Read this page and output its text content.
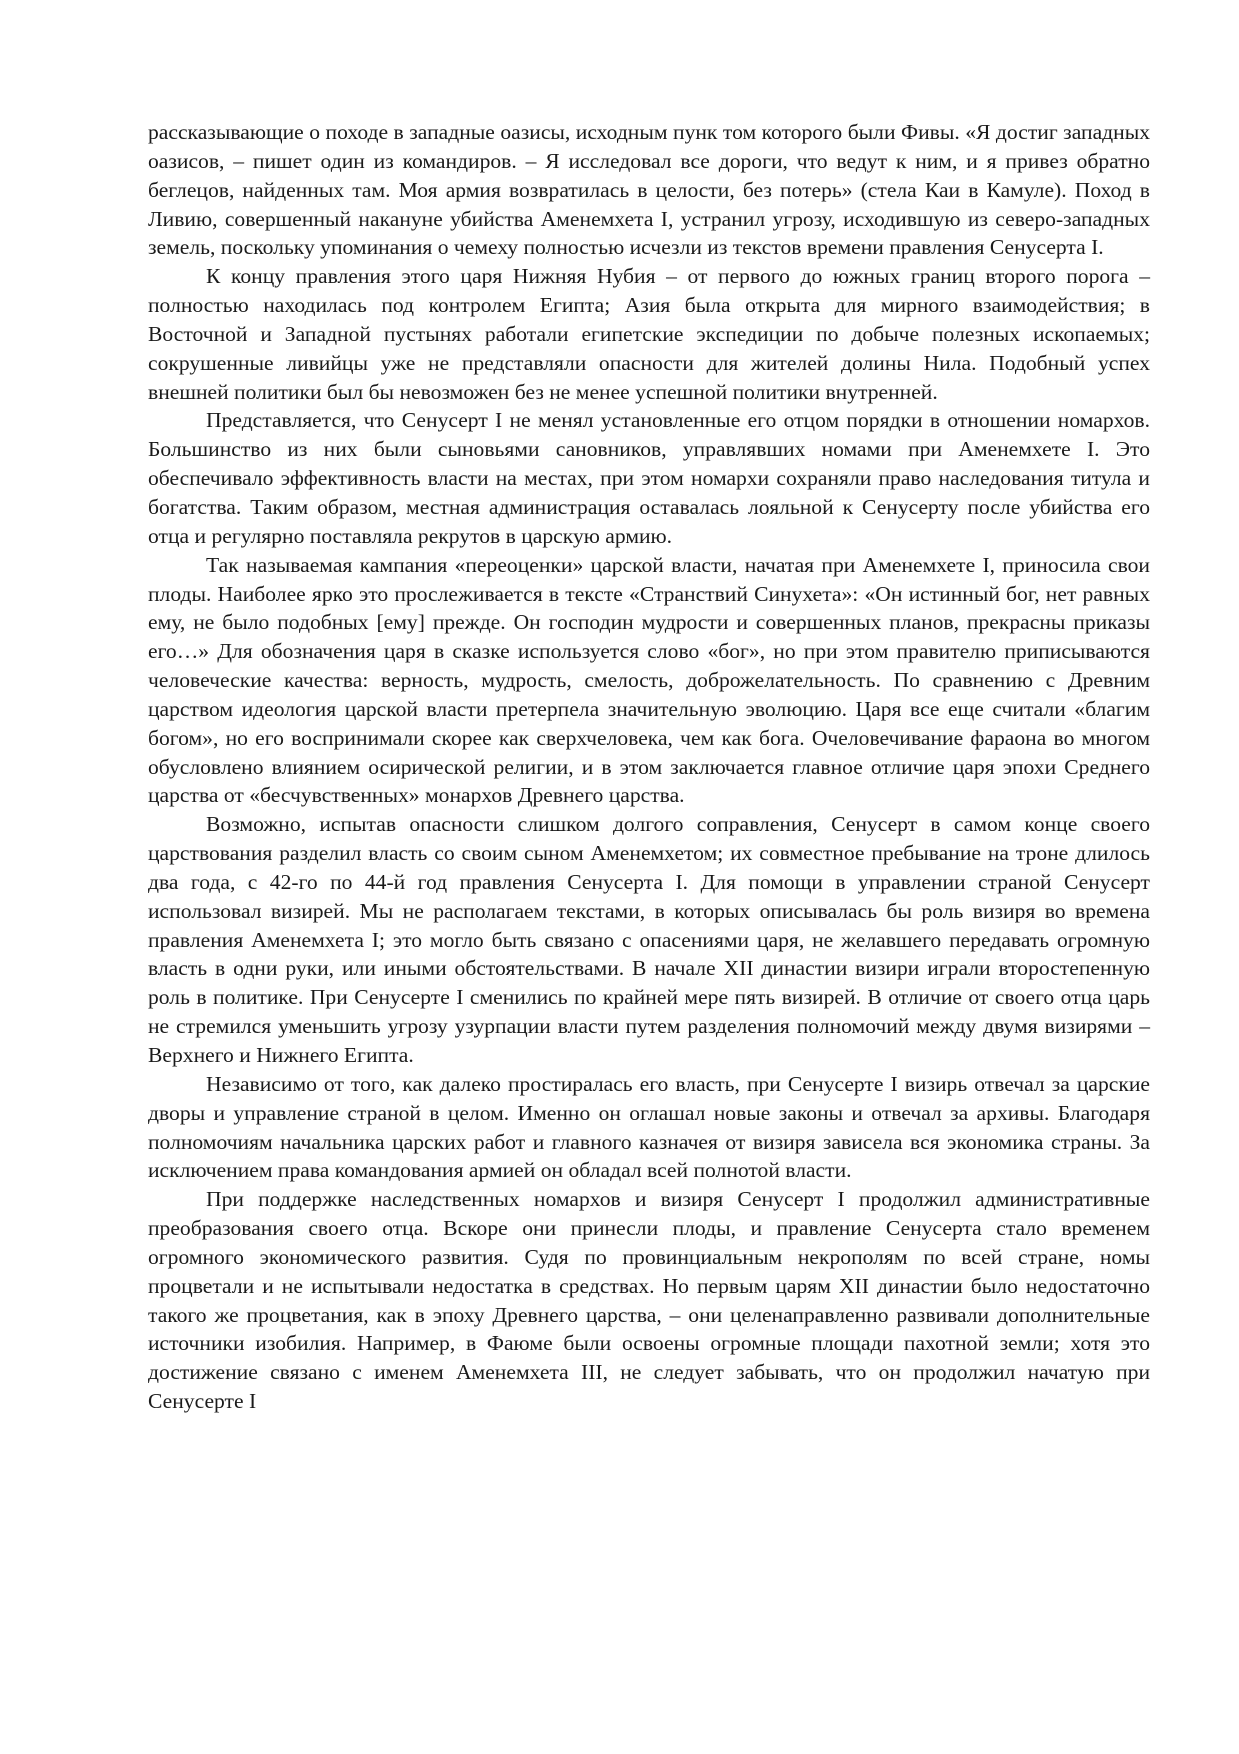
рассказывающие о походе в западные оазисы, исходным пунк том которого были Фивы. «Я достиг западных оазисов, – пишет один из командиров. – Я исследовал все дороги, что ведут к ним, и я привез обратно беглецов, найденных там. Моя армия возвратилась в целости, без потерь» (стела Каи в Камуле). Поход в Ливию, совершенный накануне убийства Аменемхета I, устранил угрозу, исходившую из северо-западных земель, поскольку упоминания о чемеху полностью исчезли из текстов времени правления Сенусерта I.

К концу правления этого царя Нижняя Нубия – от первого до южных границ второго порога – полностью находилась под контролем Египта; Азия была открыта для мирного взаимодействия; в Восточной и Западной пустынях работали египетские экспедиции по добыче полезных ископаемых; сокрушенные ливийцы уже не представляли опасности для жителей долины Нила. Подобный успех внешней политики был бы невозможен без не менее успешной политики внутренней.

Представляется, что Сенусерт I не менял установленные его отцом порядки в отношении номархов. Большинство из них были сыновьями сановников, управлявших номами при Аменемхете I. Это обеспечивало эффективность власти на местах, при этом номархи сохраняли право наследования титула и богатства. Таким образом, местная администрация оставалась лояльной к Сенусерту после убийства его отца и регулярно поставляла рекрутов в царскую армию.

Так называемая кампания «переоценки» царской власти, начатая при Аменемхете I, приносила свои плоды. Наиболее ярко это прослеживается в тексте «Странствий Синухета»: «Он истинный бог, нет равных ему, не было подобных [ему] прежде. Он господин мудрости и совершенных планов, прекрасны приказы его…» Для обозначения царя в сказке используется слово «бог», но при этом правителю приписываются человеческие качества: верность, мудрость, смелость, доброжелательность. По сравнению с Древним царством идеология царской власти претерпела значительную эволюцию. Царя все еще считали «благим богом», но его воспринимали скорее как сверхчеловека, чем как бога. Очеловечивание фараона во многом обусловлено влиянием осирической религии, и в этом заключается главное отличие царя эпохи Среднего царства от «бесчувственных» монархов Древнего царства.

Возможно, испытав опасности слишком долгого соправления, Сенусерт в самом конце своего царствования разделил власть со своим сыном Аменемхетом; их совместное пребывание на троне длилось два года, с 42-го по 44-й год правления Сенусерта I. Для помощи в управлении страной Сенусерт использовал визирей. Мы не располагаем текстами, в которых описывалась бы роль визиря во времена правления Аменемхета I; это могло быть связано с опасениями царя, не желавшего передавать огромную власть в одни руки, или иными обстоятельствами. В начале XII династии визири играли второстепенную роль в политике. При Сенусерте I сменились по крайней мере пять визирей. В отличие от своего отца царь не стремился уменьшить угрозу узурпации власти путем разделения полномочий между двумя визирями – Верхнего и Нижнего Египта.

Независимо от того, как далеко простиралась его власть, при Сенусерте I визирь отвечал за царские дворы и управление страной в целом. Именно он оглашал новые законы и отвечал за архивы. Благодаря полномочиям начальника царских работ и главного казначея от визиря зависела вся экономика страны. За исключением права командования армией он обладал всей полнотой власти.

При поддержке наследственных номархов и визиря Сенусерт I продолжил административные преобразования своего отца. Вскоре они принесли плоды, и правление Сенусерта стало временем огромного экономического развития. Судя по провинциальным некрополям по всей стране, номы процветали и не испытывали недостатка в средствах. Но первым царям XII династии было недостаточно такого же процветания, как в эпоху Древнего царства, – они целенаправленно развивали дополнительные источники изобилия. Например, в Фаюме были освоены огромные площади пахотной земли; хотя это достижение связано с именем Аменемхета III, не следует забывать, что он продолжил начатую при Сенусерте I
